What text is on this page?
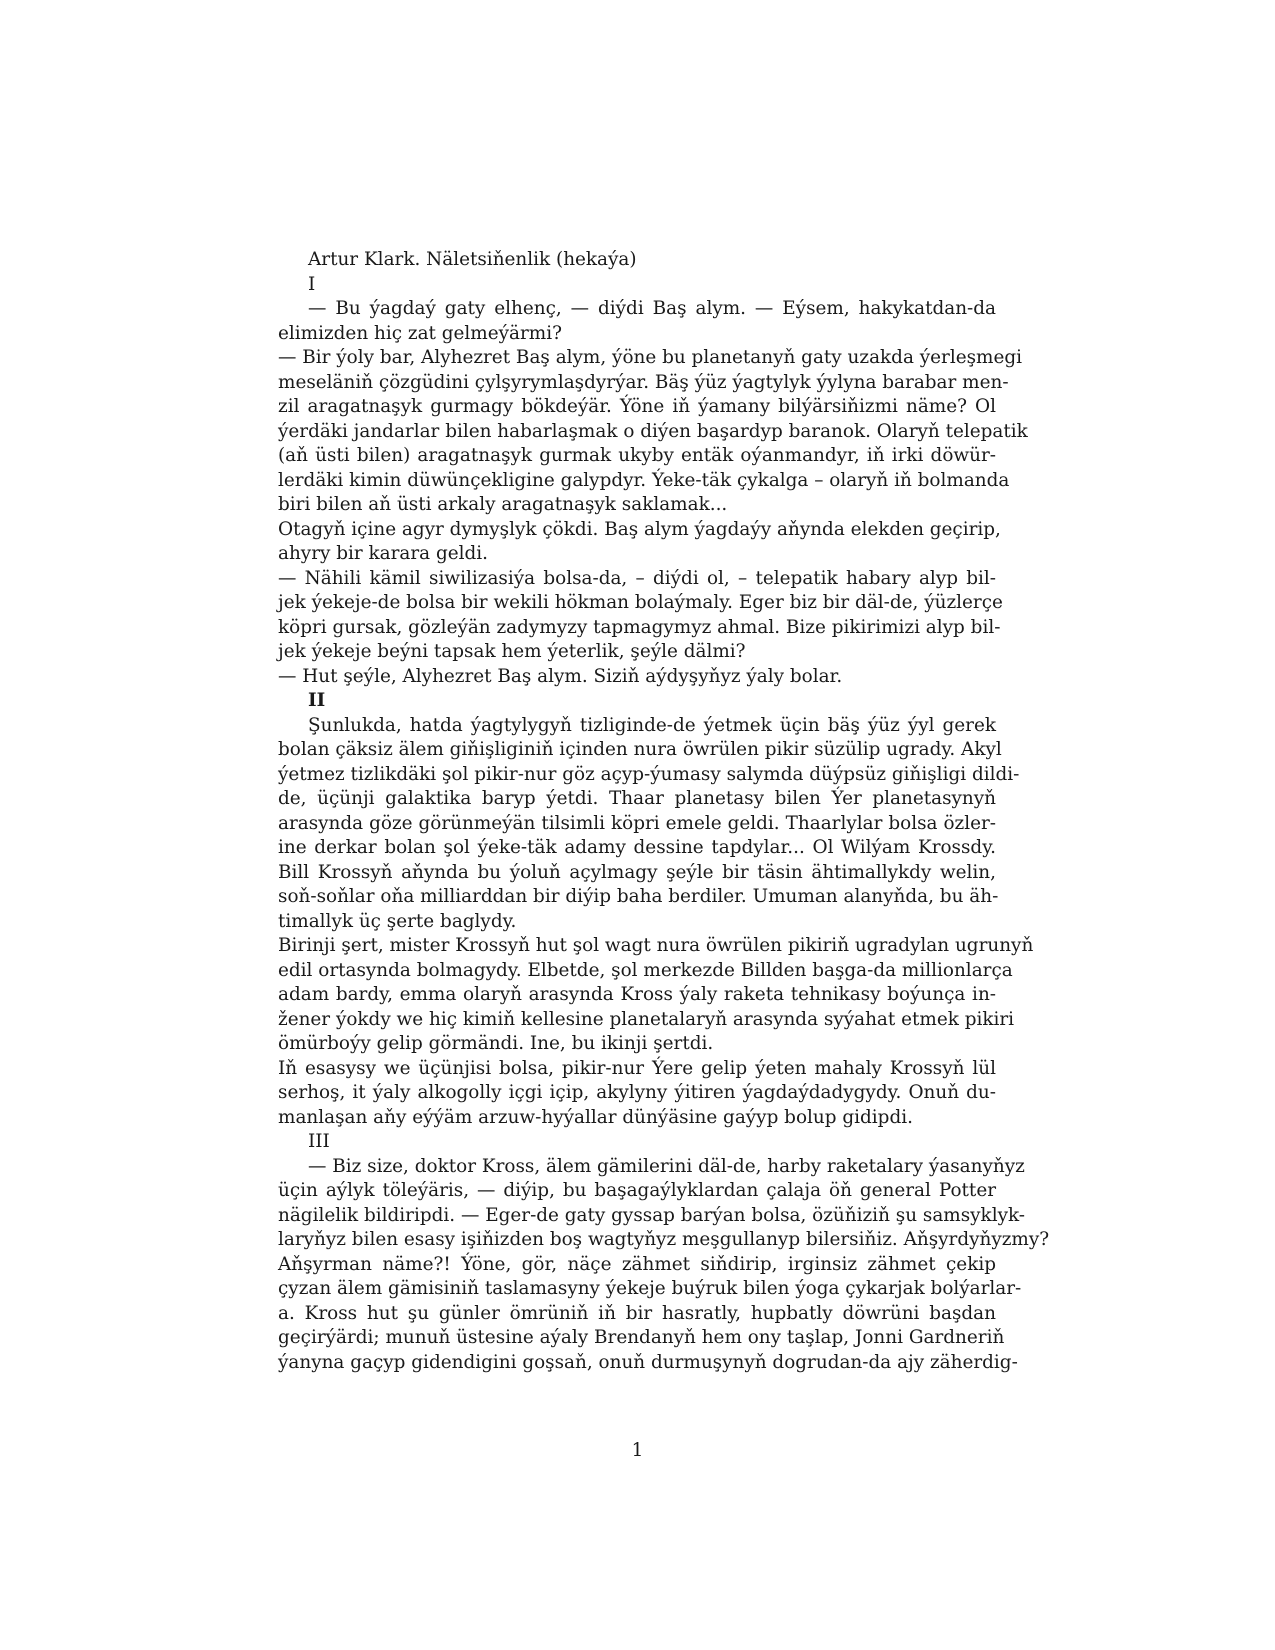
Artur Klark. Näletsiňenlik (hekaýa)
I
— Bu ýagdaý gaty elhenç, — diýdi Baş alym. — Eýsem, hakykatdan-da
elimizden hiç zat gelmeýärmi?
— Bir ýoly bar, Alyhezret Baş alym, ýöne bu planetanyň gaty uzakda ýerleşmegi
meseläniň çözgüdini çylşyrymlaşdyrýar. Bäş ýüz ýagtylyk ýylyna barabar men-
zil aragatnaşyk gurmagy bökdeýär. Ýöne iň ýamany bilýärsiňizmi näme? Ol
ýerdäki jandarlar bilen habarlaşmak o diýen başardyp baranok. Olaryň telepatik
(aň üsti bilen) aragatnaşyk gurmak ukyby entäk oýanmandyr, iň irki döwür-
lerdäki kimin düwünçekligine galypdyr. Ýeke-täk çykalga – olaryň iň bolmanda
biri bilen aň üsti arkaly aragatnaşyk saklamak...
Otagyň içine agyr dymyşlyk çökdi. Baş alym ýagdaýy aňynda elekden geçirip,
ahyry bir karara geldi.
— Nähili kämil siwilizasiýa bolsa-da, – diýdi ol, – telepatik habary alyp bil-
jek ýekeje-de bolsa bir wekili hökman bolaýmaly. Eger biz bir däl-de, ýüzlerçe
köpri gursak, gözleýän zadymyzy tapmagymyz ahmal. Bize pikirimizi alyp bil-
jek ýekeje beýni tapsak hem ýeterlik, şeýle dälmi?
— Hut şeýle, Alyhezret Baş alym. Siziň aýdyşyňyz ýaly bolar.
II
Şunlukda, hatda ýagtylygyň tizliginde-de ýetmek üçin bäş ýüz ýyl gerek
bolan çäksiz älem giňişliginiň içinden nura öwrülen pikir süzülip ugrady. Akyl
ýetmez tizlikdäki şol pikir-nur göz açyp-ýumasy salymda düýpsüz giňişligi dildi-
de, üçünji galaktika baryp ýetdi. Thaar planetasy bilen Ýer planetasynyň
arasynda göze görünmeýän tilsimli köpri emele geldi. Thaarlylar bolsa özler-
ine derkar bolan şol ýeke-täk adamy dessine tapdylar... Ol Wilýam Krossdy.
Bill Krossyň aňynda bu ýoluň açylmagy şeýle bir täsin ähtimallykdy welin,
soň-soňlar oňa milliarddan bir diýip baha berdiler. Umuman alanyňda, bu äh-
timallyk üç şerte baglydy.
Birinji şert, mister Krossyň hut şol wagt nura öwrülen pikiriň ugradylan ugrunyň
edil ortasynda bolmagydy. Elbetde, şol merkezde Billden başga-da millionlarça
adam bardy, emma olaryň arasynda Kross ýaly raketa tehnikasy boýunça in-
žener ýokdy we hiç kimiň kellesine planetalaryň arasynda syýahat etmek pikiri
ömürboýy gelip görmändi. Ine, bu ikinji şertdi.
Iň esasysy we üçünjisi bolsa, pikir-nur Ýere gelip ýeten mahaly Krossyň lül
serhoş, it ýaly alkogolly içgi içip, akylyny ýitiren ýagdaýdadygydy. Onuň du-
manlaşan aňy eýýäm arzuw-hyýallar dünýäsine gaýyp bolup gidipdi.
III
— Biz size, doktor Kross, älem gämilerini däl-de, harby raketalary ýasanyňyz
üçin aýlyk töleýäris, — diýip, bu başagaýlyklardan çalaja öň general Potter
nägilelik bildiripdi. — Eger-de gaty gyssap barýan bolsa, özüňiziň şu samsyklyk-
laryňyz bilen esasy işiňizden boş wagtyňyz meşgullanyp bilersiňiz. Aňşyrdyňyzmy?
Aňşyrman näme?! Ýöne, gör, näçe zähmet siňdirip, irginsiz zähmet çekip
çyzan älem gämisiniň taslamasyny ýekeje buýruk bilen ýoga çykarjak bolýarlar-
a. Kross hut şu günler ömrüniň iň bir hasratly, hupbatly döwrüni başdan
geçirýärdi; munuň üstesine aýaly Brendanyň hem ony taşlap, Jonni Gardneriň
ýanyna gaçyp gidendigini goşsaň, onuň durmuşynyň dogrudan-da ajy zäherdig-
1
